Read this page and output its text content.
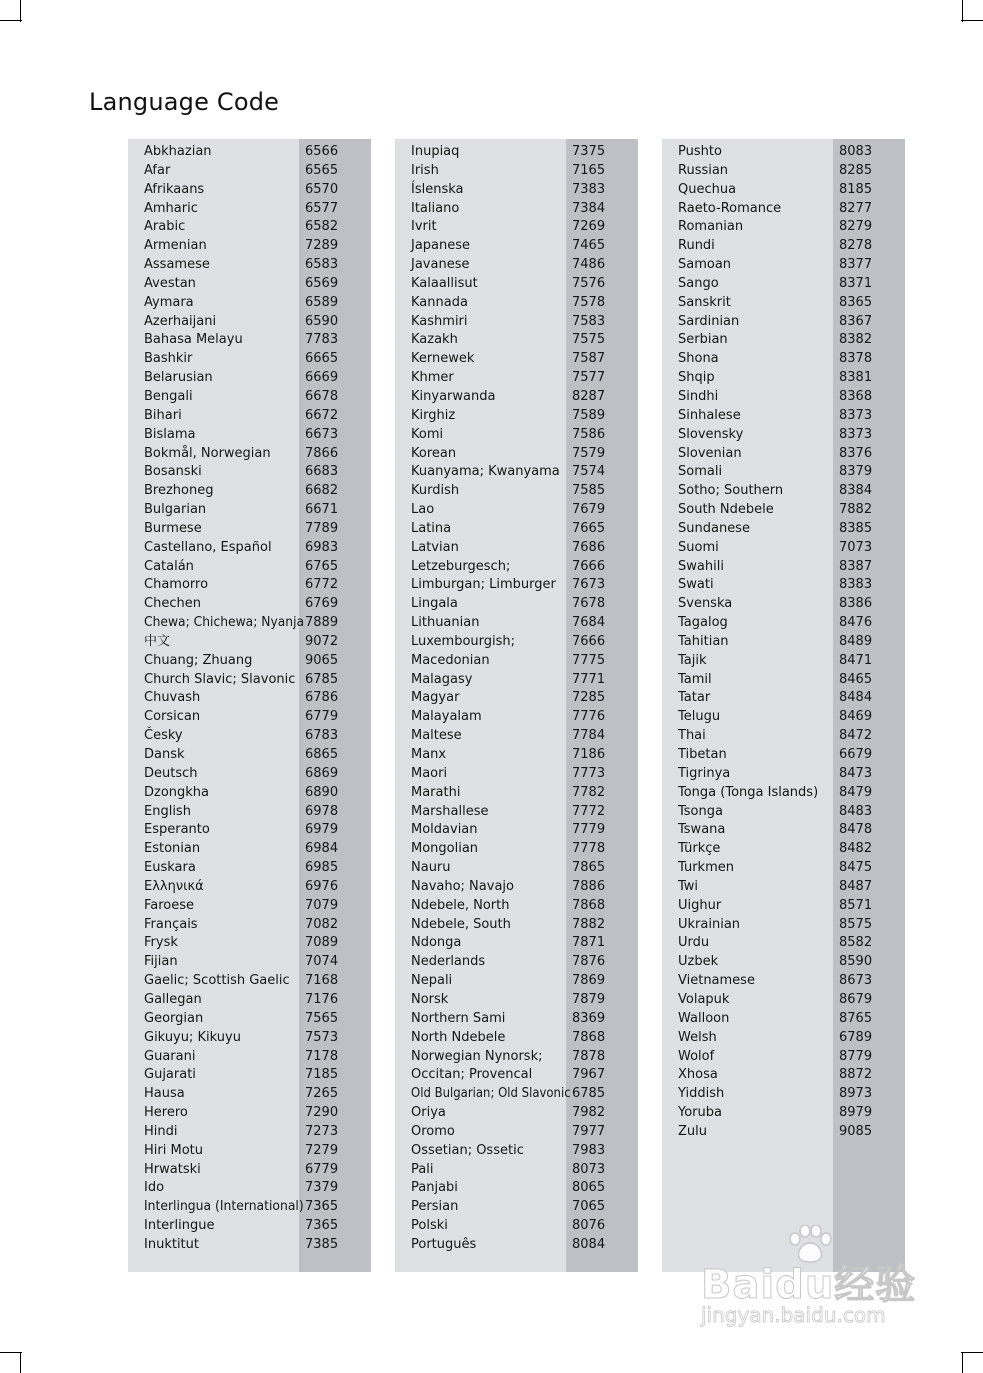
Language Code
Abkhazian	6566
Afar	6565
Afrikaans	6570
Amharic	6577
Arabic	6582
Armenian	7289
Assamese	6583
Avestan	6569
Aymara	6589
Azerhaijani	6590
Bahasa Melayu	7783
Bashkir	6665
Belarusian	6669
Bengali	6678
Bihari	6672
Bislama	6673
Bokmål, Norwegian	7866
Bosanski	6683
Brezhoneg	6682
Bulgarian	6671
Burmese	7789
Castellano, Español	6983
Catalán	6765
Chamorro	6772
Chechen	6769
Chewa; Chichewa; Nyanja 7889
中文	9072
Chuang; Zhuang	9065
Church Slavic; Slavonic 6785
Chuvash	6786
Corsican	6779
Česky	6783
Dansk	6865
Deutsch	6869
Dzongkha	6890
English	6978
Esperanto	6979
Estonian	6984
Euskara	6985
Ελληνικά	6976
Faroese	7079
Français	7082
Frysk	7089
Fijian	7074
Gaelic; Scottish Gaelic 7168
Gallegan	7176
Georgian	7565
Gikuyu; Kikuyu	7573
Guarani	7178
Gujarati	7185
Hausa	7265
Herero	7290
Hindi	7273
Hiri Motu	7279
Hrwatski	6779
Ido	7379
Interlingua (International) 7365
Interlingue	7365
Inuktitut	7385
Inupiaq	7375
Irish	7165
Íslenska	7383
Italiano	7384
Ivrit	7269
Japanese	7465
Javanese	7486
Kalaallisut	7576
Kannada	7578
Kashmiri	7583
Kazakh	7575
Kernewek	7587
Khmer	7577
Kinyarwanda	8287
Kirghiz	7589
Komi	7586
Korean	7579
Kuanyama; Kwanyama 7574
Kurdish	7585
Lao	7679
Latina	7665
Latvian	7686
Letzeburgesch;	7666
Limburgan; Limburger 7673
Lingala	7678
Lithuanian	7684
Luxembourgish;	7666
Macedonian	7775
Malagasy	7771
Magyar	7285
Malayalam	7776
Maltese	7784
Manx	7186
Maori	7773
Marathi	7782
Marshallese	7772
Moldavian	7779
Mongolian	7778
Nauru	7865
Navaho; Navajo	7886
Ndebele, North	7868
Ndebele, South	7882
Ndonga	7871
Nederlands	7876
Nepali	7869
Norsk	7879
Northern Sami	8369
North Ndebele	7868
Norwegian Nynorsk; 7878
Occitan; Provencal	7967
Old Bulgarian; Old Slavonic 6785
Oriya	7982
Oromo	7977
Ossetian; Ossetic	7983
Pali	8073
Panjabi	8065
Persian	7065
Polski	8076
Português	8084
Pushto	8083
Russian	8285
Quechua	8185
Raeto-Romance	8277
Romanian	8279
Rundi	8278
Samoan	8377
Sango	8371
Sanskrit	8365
Sardinian	8367
Serbian	8382
Shona	8378
Shqip	8381
Sindhi	8368
Sinhalese	8373
Slovensky	8373
Slovenian	8376
Somali	8379
Sotho; Southern	8384
South Ndebele	7882
Sundanese	8385
Suomi	7073
Swahili	8387
Swati	8383
Svenska	8386
Tagalog	8476
Tahitian	8489
Tajik	8471
Tamil	8465
Tatar	8484
Telugu	8469
Thai	8472
Tibetan	6679
Tigrinya	8473
Tonga (Tonga Islands) 8479
Tsonga	8483
Tswana	8478
Türkçe	8482
Turkmen	8475
Twi	8487
Uighur	8571
Ukrainian	8575
Urdu	8582
Uzbek	8590
Vietnamese	8673
Volapuk	8679
Walloon	8765
Welsh	6789
Wolof	8779
Xhosa	8872
Yiddish	8973
Yoruba	8979
Zulu	9085
Baidu经验
jingyan.baidu.com
